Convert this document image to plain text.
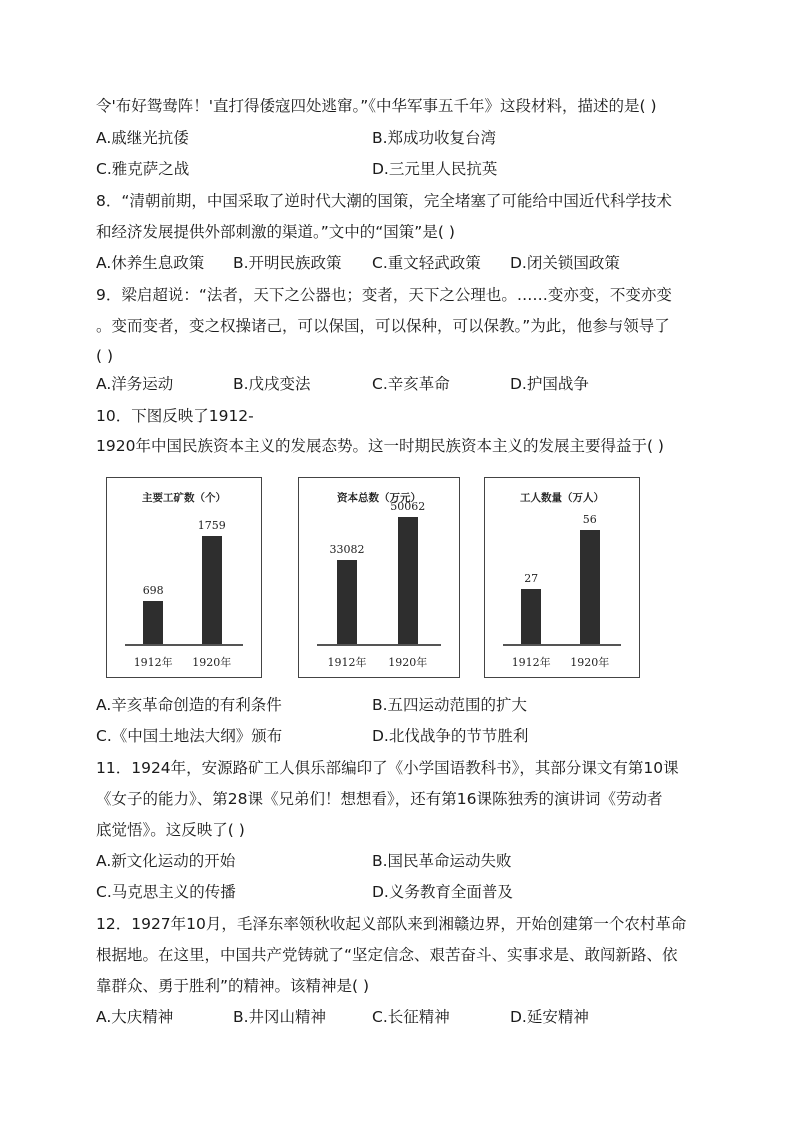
令'布好鸳鸯阵！'直打得倭寇四处逃窜。”《中华军事五千年》这段材料，描述的是( )
A.戚继光抗倭	B.郑成功收复台湾
C.雅克萨之战	D.三元里人民抗英
8．“清朝前期，中国采取了逆时代大潮的国策，完全堵塞了可能给中国近代科学技术
和经济发展提供外部刺激的渠道。”文中的“国策”是( )
A.休养生息政策 B.开明民族政策 C.重文轻武政策 D.闭关锁国政策
9．梁启超说：“法者，天下之公器也；变者，天下之公理也。……变亦变，不变亦变
。变而变者，变之权操诸己，可以保国，可以保种，可以保教。”为此，他参与领导了
( )
A.洋务运动	B.戊戌变法	C.辛亥革命	D.护国战争
10．下图反映了1912-
1920年中国民族资本主义的发展态势。这一时期民族资本主义的发展主要得益于( )
主要工矿数（个）
698
1912年
1759
1920年
资本总数（万元）
33082
1912年
50062
1920年
工人数量（万人）
27
1912年
56
1920年
A.辛亥革命创造的有利条件	B.五四运动范围的扩大
C.《中国土地法大纲》颁布	D.北伐战争的节节胜利
11．1924年，安源路矿工人俱乐部编印了《小学国语教科书》，其部分课文有第10课
《女子的能力》、第28课《兄弟们！想想看》，还有第16课陈独秀的演讲词《劳动者
底觉悟》。这反映了( )
A.新文化运动的开始	B.国民革命运动失败
C.马克思主义的传播	D.义务教育全面普及
12．1927年10月，毛泽东率领秋收起义部队来到湘赣边界，开始创建第一个农村革命
根据地。在这里，中国共产党铸就了“坚定信念、艰苦奋斗、实事求是、敢闯新路、依
靠群众、勇于胜利”的精神。该精神是( )
A.大庆精神	B.井冈山精神	C.长征精神	D.延安精神
